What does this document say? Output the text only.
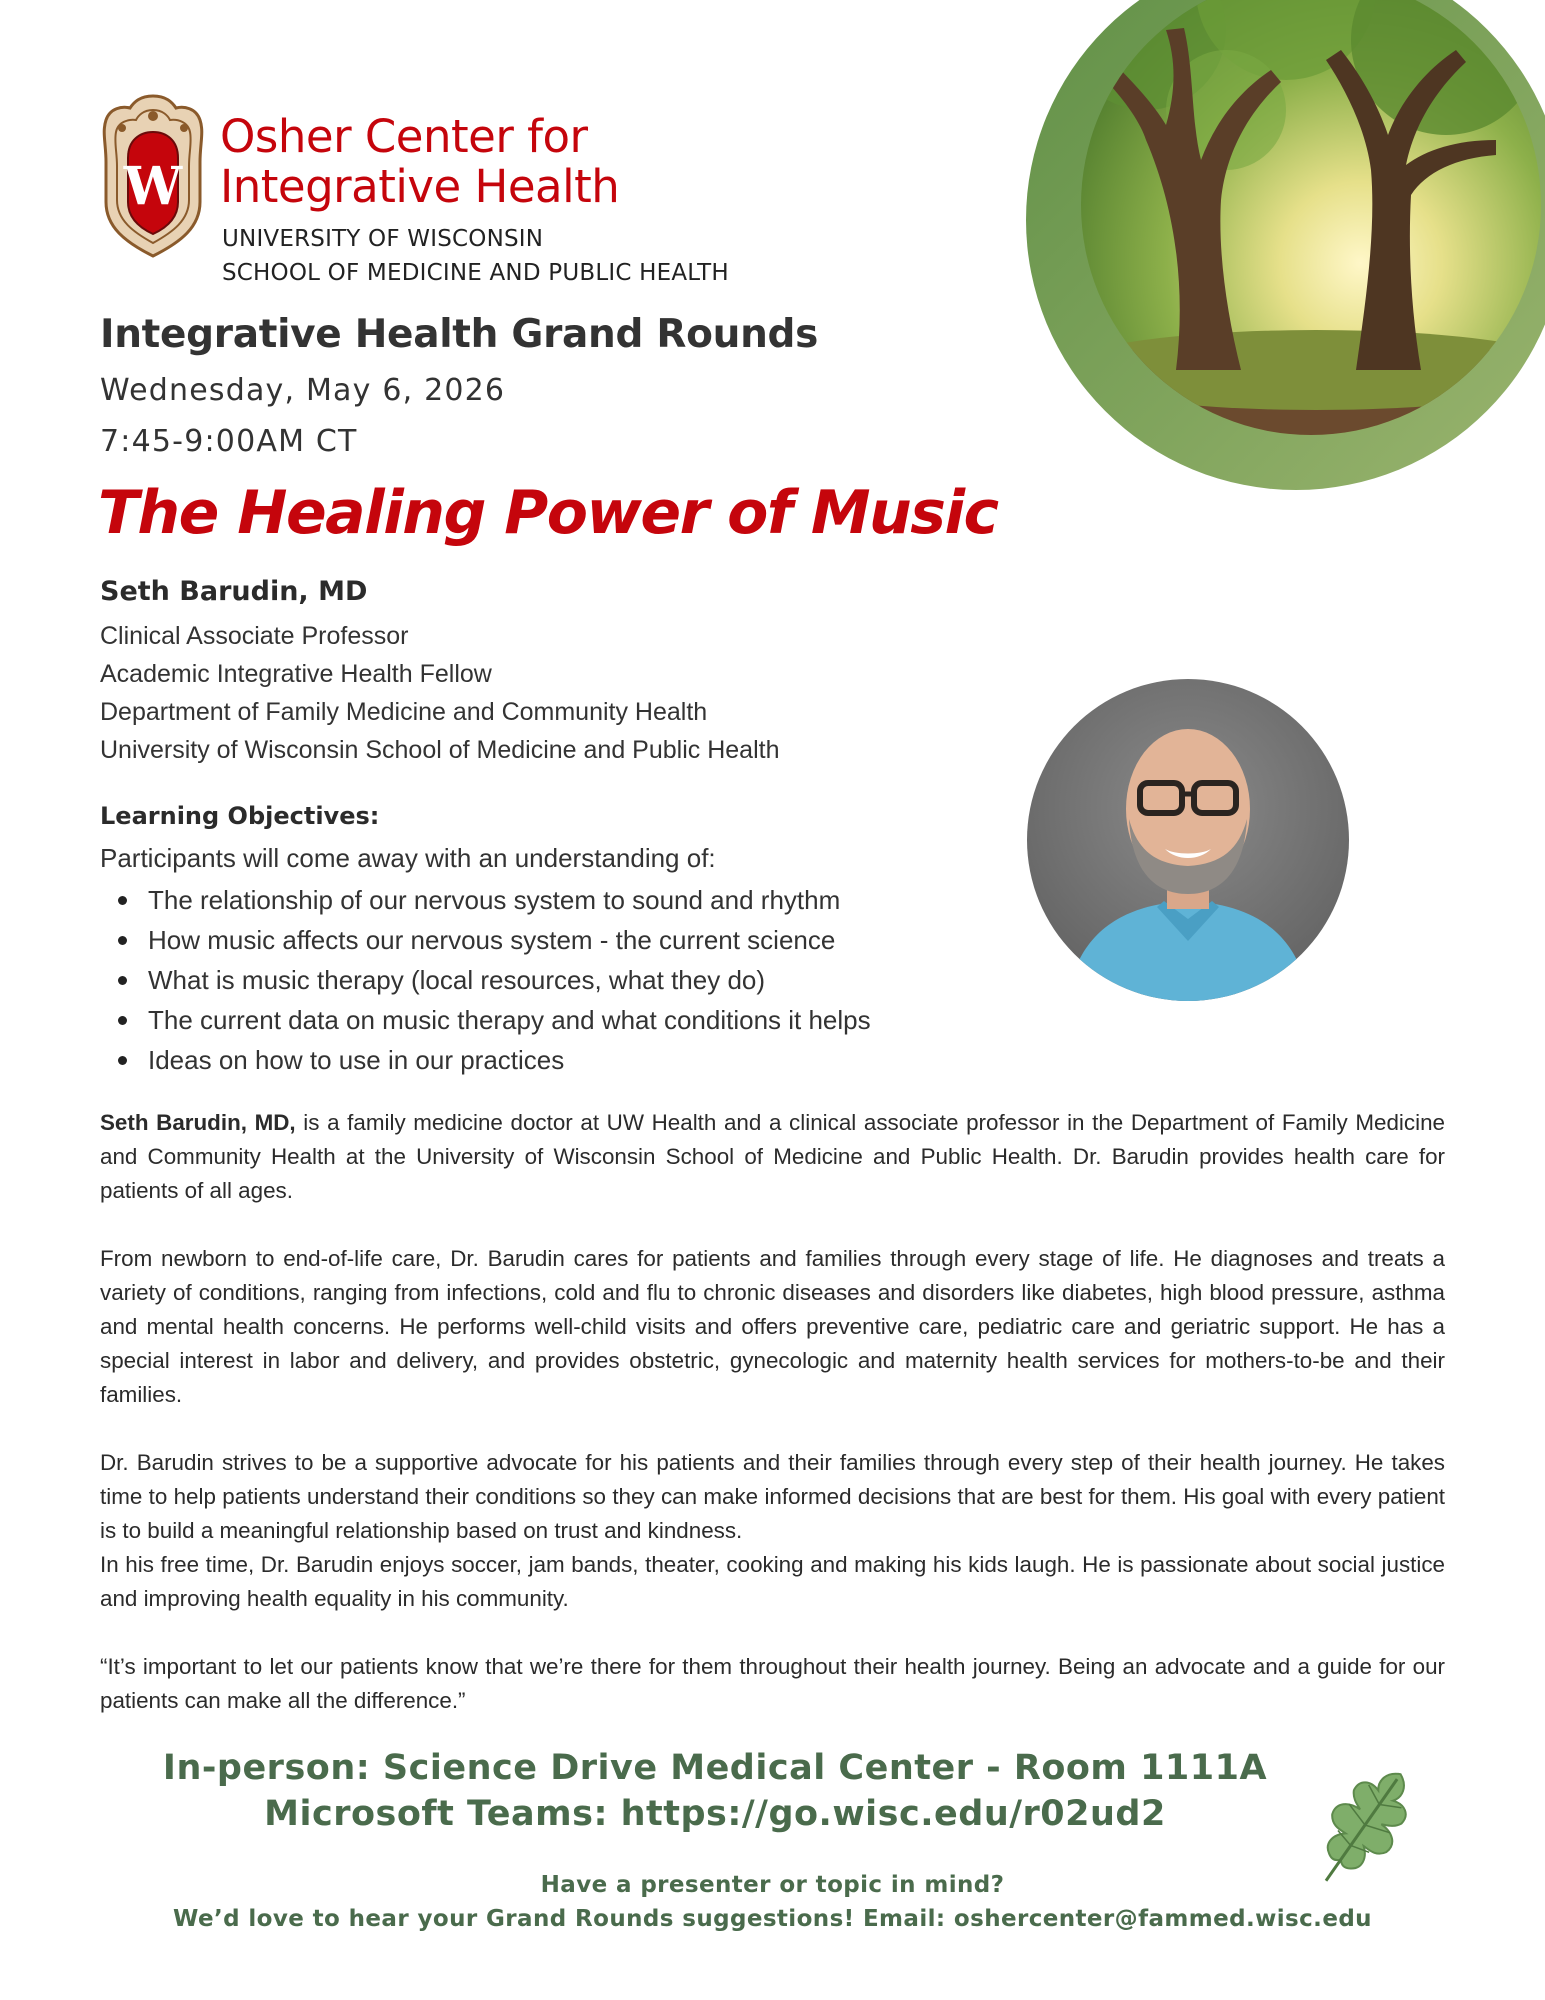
W
Osher Center for
Integrative Health
UNIVERSITY OF WISCONSIN
SCHOOL OF MEDICINE AND PUBLIC HEALTH
Integrative Health Grand Rounds
Wednesday, May 6, 2026
7:45-9:00AM CT
The Healing Power of Music
Seth Barudin, MD
Clinical Associate Professor
Academic Integrative Health Fellow
Department of Family Medicine and Community Health
University of Wisconsin School of Medicine and Public Health
Learning Objectives:
Participants will come away with an understanding of:
The relationship of our nervous system to sound and rhythm
How music affects our nervous system - the current science
What is music therapy (local resources, what they do)
The current data on music therapy and what conditions it helps
Ideas on how to use in our practices

Seth Barudin, MD, is a family medicine doctor at UW Health and a clinical associate professor in the Department of Family Medicine and Community Health at the University of Wisconsin School of Medicine and Public Health. Dr. Barudin provides health care for patients of all ages.

From newborn to end-of-life care, Dr. Barudin cares for patients and families through every stage of life. He diagnoses and treats a variety of conditions, ranging from infections, cold and flu to chronic diseases and disorders like diabetes, high blood pressure, asthma and mental health concerns. He performs well-child visits and offers preventive care, pediatric care and geriatric support. He has a special interest in labor and delivery, and provides obstetric, gynecologic and maternity health services for mothers-to-be and their families.

Dr. Barudin strives to be a supportive advocate for his patients and their families through every step of their health journey. He takes time to help patients understand their conditions so they can make informed decisions that are best for them. His goal with every patient is to build a meaningful relationship based on trust and kindness.

In his free time, Dr. Barudin enjoys soccer, jam bands, theater, cooking and making his kids laugh. He is passionate about social justice and improving health equality in his community.

“It’s important to let our patients know that we’re there for them throughout their health journey. Being an advocate and a guide for our patients can make all the difference.”

In-person: Science Drive Medical Center - Room 1111A
Microsoft Teams: https://go.wisc.edu/r02ud2
Have a presenter or topic in mind?
We’d love to hear your Grand Rounds suggestions! Email: oshercenter@fammed.wisc.edu
